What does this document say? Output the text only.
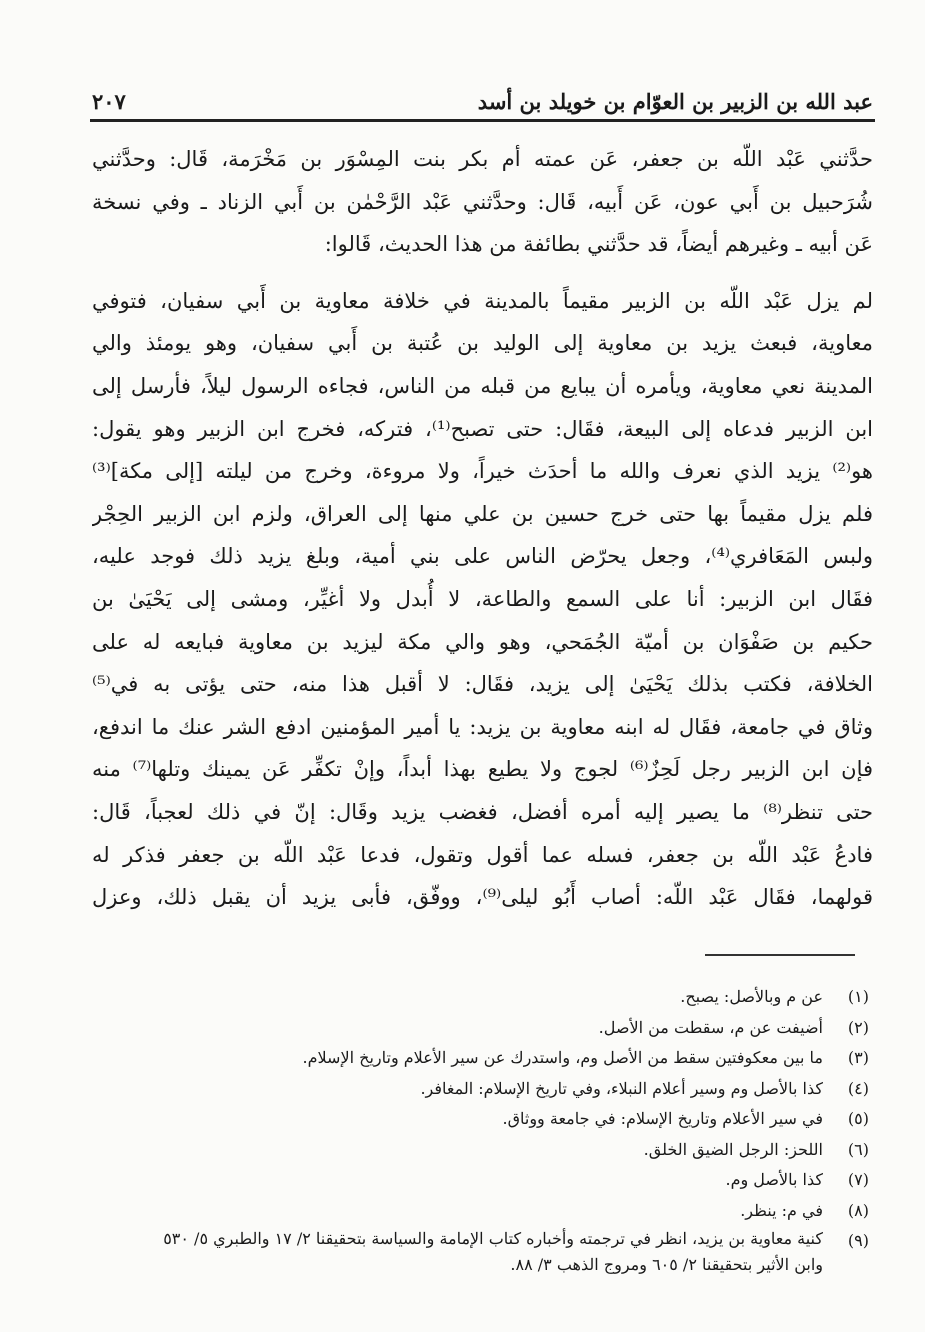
عبد الله بن الزبير بن العوّام بن خويلد بن أسد
٢٠٧

حدَّثني عَبْد اللّه بن جعفر، عَن عمته أم بكر بنت المِسْوَر بن مَخْرَمة، قَال: وحدَّثني
شُرَحبيل بن أَبي عون، عَن أَبيه، قَال: وحدَّثني عَبْد الرَّحْمٰن بن أَبي الزناد ـ وفي نسخة
عَن أبيه ـ وغيرهم أيضاً، قد حدَّثني بطائفة من هذا الحديث، قَالوا:

لم يزل عَبْد اللّه بن الزبير مقيماً بالمدينة في خلافة معاوية بن أَبي سفيان، فتوفي
معاوية، فبعث يزيد بن معاوية إلى الوليد بن عُتبة بن أَبي سفيان، وهو يومئذ والي
المدينة نعي معاوية، ويأمره أن يبايع من قبله من الناس، فجاءه الرسول ليلاً، فأرسل إلى
ابن الزبير فدعاه إلى البيعة، فقَال: حتى تصبح⁽¹⁾، فتركه، فخرج ابن الزبير وهو يقول:
هو⁽²⁾ يزيد الذي نعرف والله ما أحدَث خيراً، ولا مروءة، وخرج من ليلته [إلى مكة]⁽³⁾
فلم يزل مقيماً بها حتى خرج حسين بن علي منها إلى العراق، ولزم ابن الزبير الحِجْر
ولبس المَعَافري⁽⁴⁾، وجعل يحرّض الناس على بني أمية، وبلغ يزيد ذلك فوجد عليه،
فقَال ابن الزبير: أنا على السمع والطاعة، لا أُبدل ولا أغيِّر، ومشى إلى يَحْيَىٰ بن
حكيم بن صَفْوَان بن أميّة الجُمَحي، وهو والي مكة ليزيد بن معاوية فبايعه له على
الخلافة، فكتب بذلك يَحْيَىٰ إلى يزيد، فقَال: لا أقبل هذا منه، حتى يؤتى به في⁽⁵⁾
وثاق في جامعة، فقَال له ابنه معاوية بن يزيد: يا أمير المؤمنين ادفع الشر عنك ما اندفع،
فإن ابن الزبير رجل لَحِزٌ⁽⁶⁾ لجوج ولا يطيع بهذا أبداً، وإنْ تكفِّر عَن يمينك وتلها⁽⁷⁾ منه
حتى تنظر⁽⁸⁾ ما يصير إليه أمره أفضل، فغضب يزيد وقَال: إنّ في ذلك لعجباً، قَال:
فادعُ عَبْد اللّه بن جعفر، فسله عما أقول وتقول، فدعا عَبْد اللّه بن جعفر فذكر له
قولهما، فقَال عَبْد اللّه: أصاب أَبُو ليلى⁽⁹⁾، ووفّق، فأبى يزيد أن يقبل ذلك، وعزل

(١)
عن م وبالأصل: يصبح.
(٢)
أضيفت عن م، سقطت من الأصل.
(٣)
ما بين معكوفتين سقط من الأصل وم، واستدرك عن سير الأعلام وتاريخ الإسلام.
(٤)
كذا بالأصل وم وسير أعلام النبلاء، وفي تاريخ الإسلام: المغافر.
(٥)
في سير الأعلام وتاريخ الإسلام: في جامعة ووثاق.
(٦)
اللحز: الرجل الضيق الخلق.
(٧)
كذا بالأصل وم.
(٨)
في م: ينظر.
(٩)
كنية معاوية بن يزيد، انظر في ترجمته وأخباره كتاب الإمامة والسياسة بتحقيقنا ٢/ ١٧ والطبري ٥/ ٥٣٠
وابن الأثير بتحقيقنا ٢/ ٦٠٥ ومروج الذهب ٣/ ٨٨.
